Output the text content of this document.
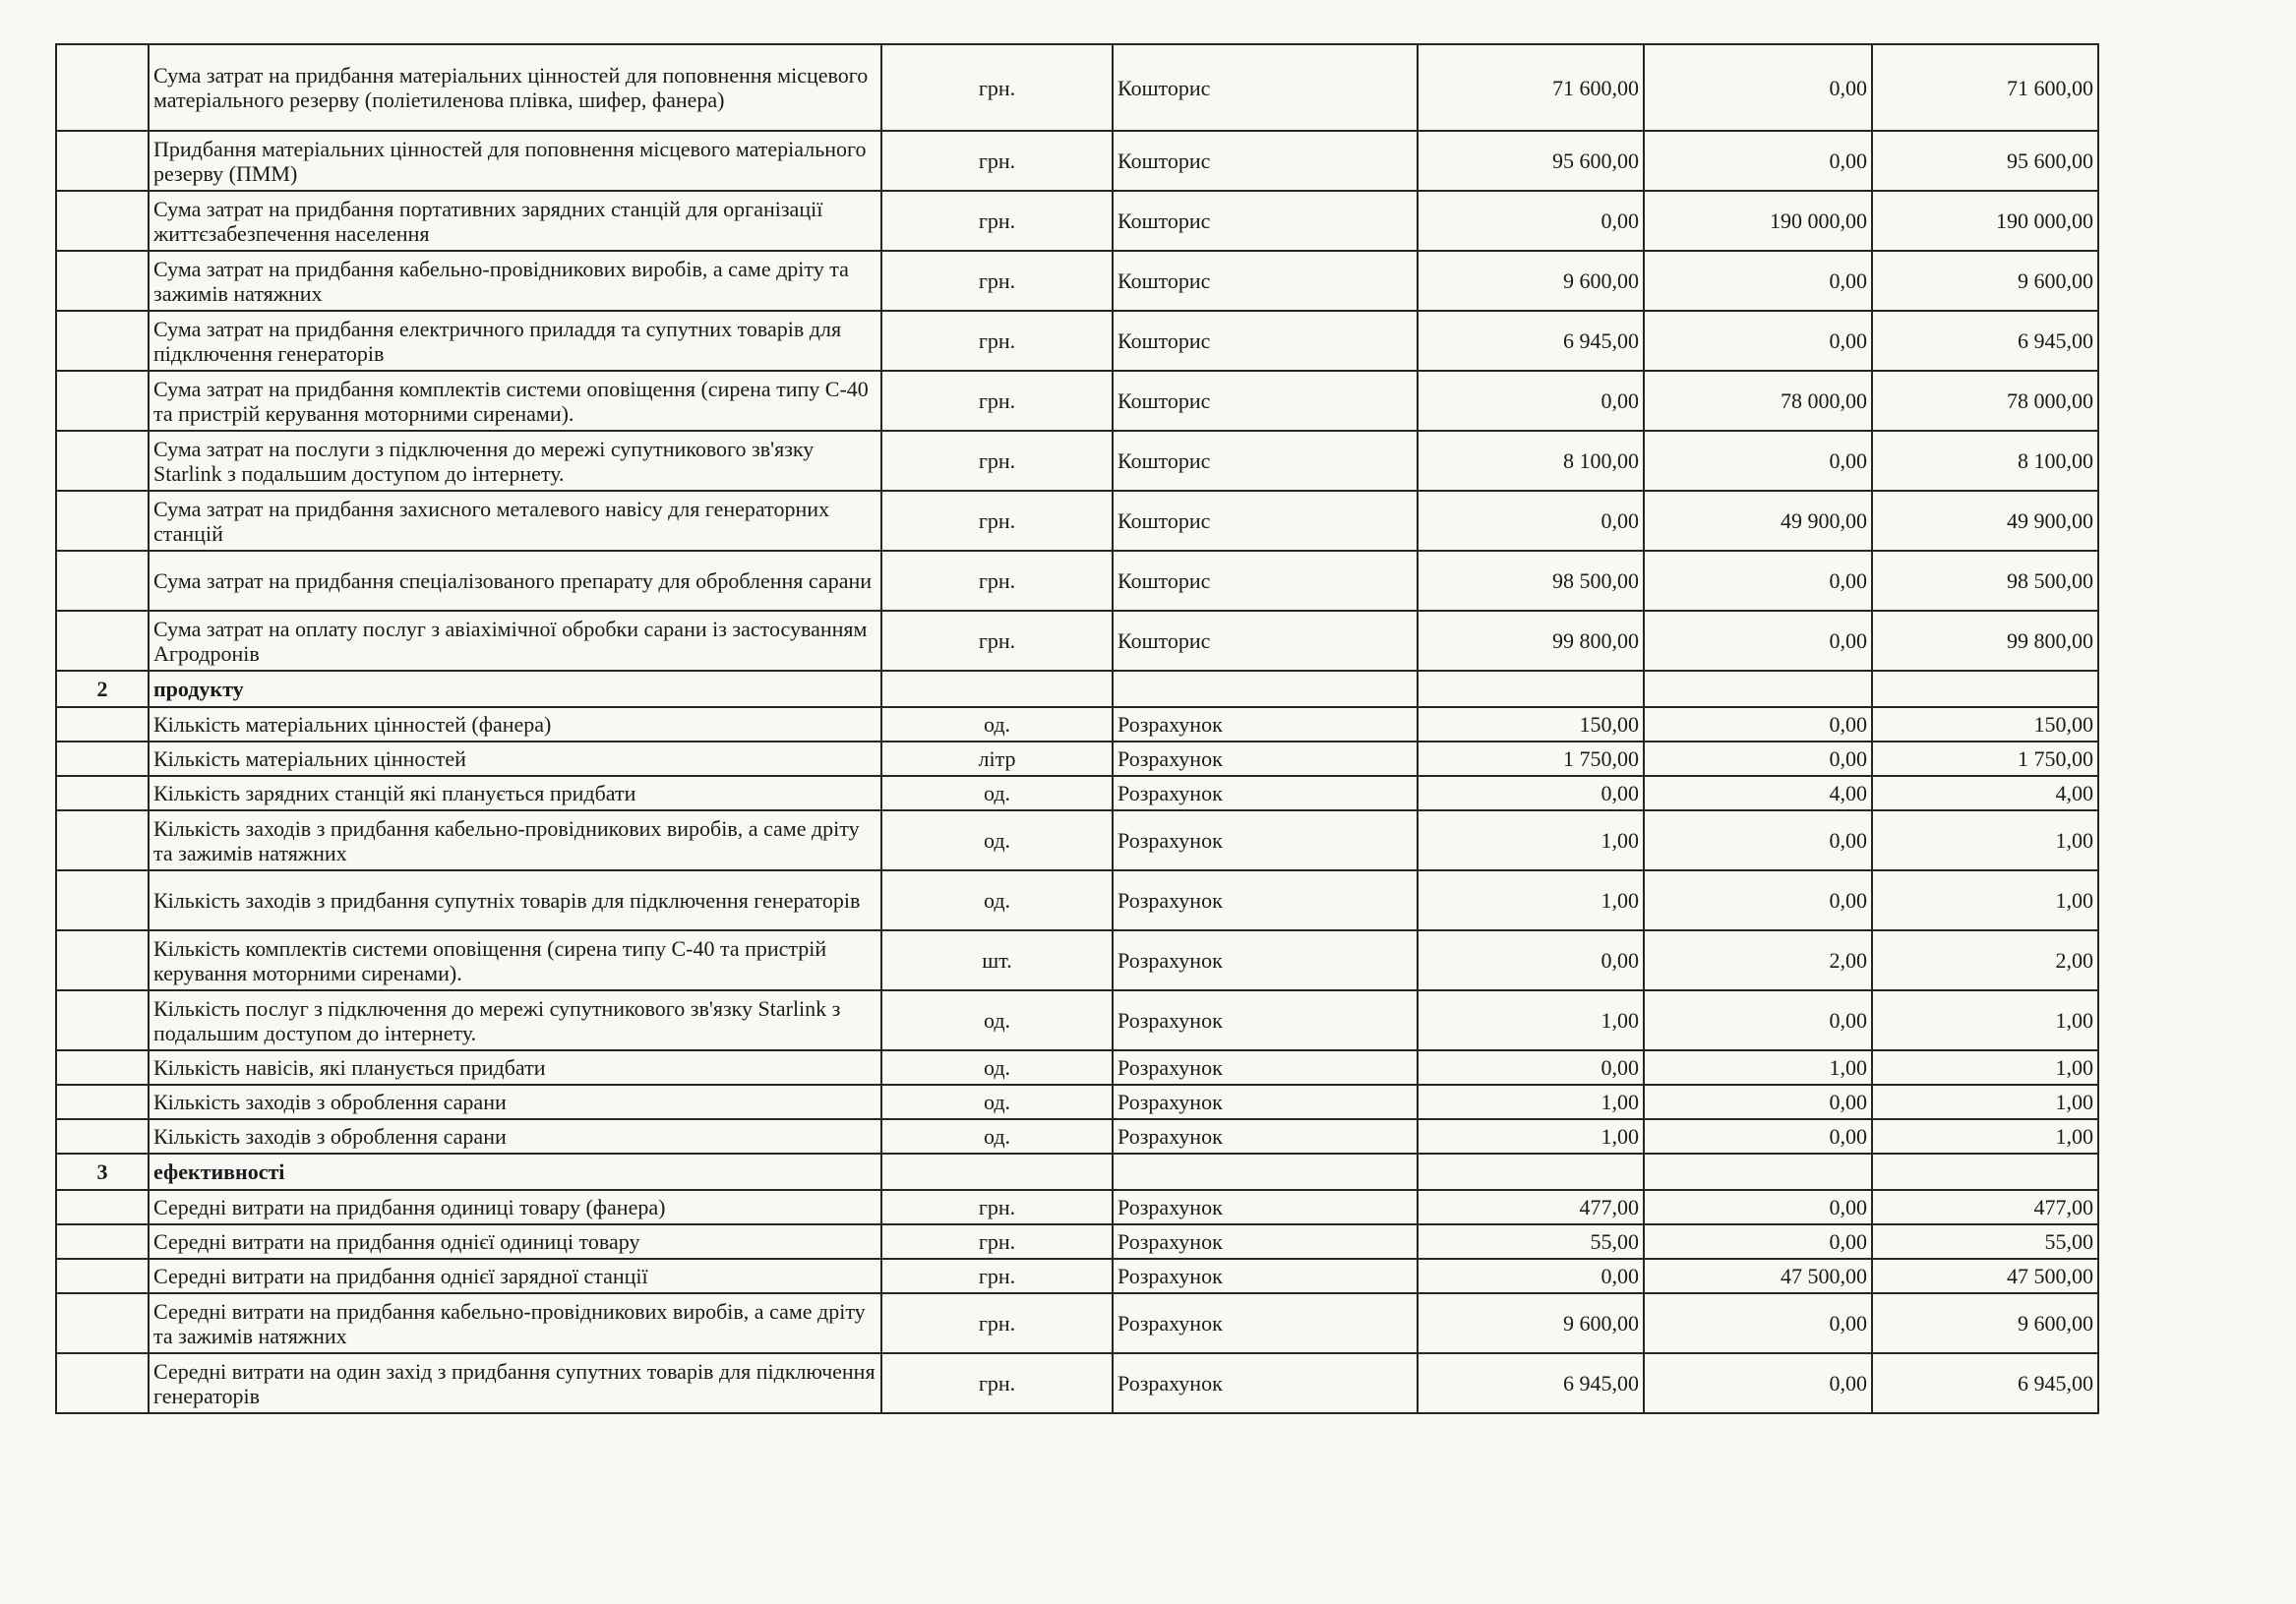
	Сума затрат на придбання матеріальних цінностей для поповнення місцевого матеріального резерву (поліетиленова плівка, шифер, фанера)	грн.	Кошторис	71 600,00	0,00	71 600,00
	Придбання матеріальних цінностей для поповнення місцевого матеріального резерву (ПММ)	грн.	Кошторис	95 600,00	0,00	95 600,00
	Сума затрат на придбання портативних зарядних станцій для організації життєзабезпечення населення	грн.	Кошторис	0,00	190 000,00	190 000,00
	Сума затрат на придбання кабельно-провідникових виробів, а саме дріту та зажимів натяжних	грн.	Кошторис	9 600,00	0,00	9 600,00
	Сума затрат на придбання електричного приладдя та супутних товарів для підключення генераторів	грн.	Кошторис	6 945,00	0,00	6 945,00
	Сума затрат на придбання комплектів системи оповіщення (сирена типу С-40 та пристрій керування моторними сиренами).	грн.	Кошторис	0,00	78 000,00	78 000,00
	Сума затрат на послуги з підключення до мережі супутникового зв'язку Starlink з подальшим доступом до інтернету.	грн.	Кошторис	8 100,00	0,00	8 100,00
	Сума затрат на придбання захисного металевого навісу для генераторних станцій	грн.	Кошторис	0,00	49 900,00	49 900,00
	Сума затрат на придбання спеціалізованого препарату для оброблення сарани	грн.	Кошторис	98 500,00	0,00	98 500,00
	Сума затрат на оплату послуг з авіахімічної обробки сарани із застосуванням Агродронів	грн.	Кошторис	99 800,00	0,00	99 800,00
2	продукту					
	Кількість матеріальних цінностей (фанера)	од.	Розрахунок	150,00	0,00	150,00
	Кількість матеріальних цінностей	літр	Розрахунок	1 750,00	0,00	1 750,00
	Кількість зарядних станцій які планується придбати	од.	Розрахунок	0,00	4,00	4,00
	Кількість заходів з придбання кабельно-провідникових виробів, а саме дріту та зажимів натяжних	од.	Розрахунок	1,00	0,00	1,00
	Кількість заходів з придбання супутніх товарів для підключення генераторів	од.	Розрахунок	1,00	0,00	1,00
	Кількість комплектів системи оповіщення (сирена типу С-40 та пристрій керування моторними сиренами).	шт.	Розрахунок	0,00	2,00	2,00
	Кількість послуг з підключення до мережі супутникового зв'язку Starlink з подальшим доступом до інтернету.	од.	Розрахунок	1,00	0,00	1,00
	Кількість навісів, які планується придбати	од.	Розрахунок	0,00	1,00	1,00
	Кількість заходів з оброблення сарани	од.	Розрахунок	1,00	0,00	1,00
	Кількість заходів з оброблення сарани	од.	Розрахунок	1,00	0,00	1,00
3	ефективності					
	Середні витрати на придбання одиниці товару (фанера)	грн.	Розрахунок	477,00	0,00	477,00
	Середні витрати на придбання однієї одиниці товару	грн.	Розрахунок	55,00	0,00	55,00
	Середні витрати на придбання однієї зарядної станції	грн.	Розрахунок	0,00	47 500,00	47 500,00
	Середні витрати на придбання кабельно-провідникових виробів, а саме дріту та зажимів натяжних	грн.	Розрахунок	9 600,00	0,00	9 600,00
	Середні витрати на один захід з придбання супутних товарів для підключення генераторів	грн.	Розрахунок	6 945,00	0,00	6 945,00
